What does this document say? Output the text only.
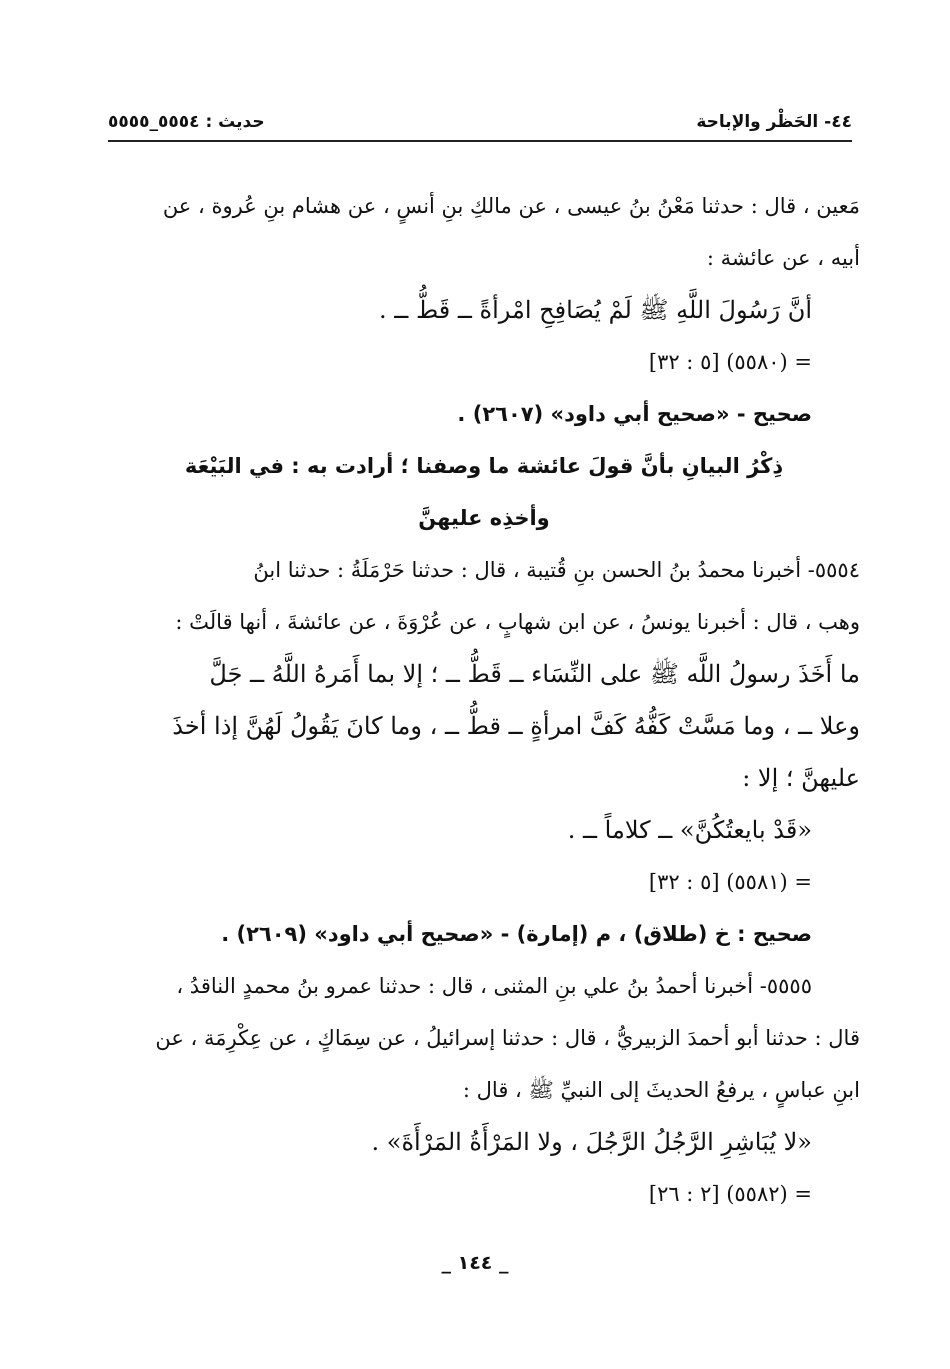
٤٤- الحَظْر والإباحة
حديث : ٥٥٥٤_٥٥٥٥
مَعين ، قال : حدثنا مَعْنُ بنُ عيسى ، عن مالكِ بنِ أنسٍ ، عن هشام بنِ عُروة ، عن
أبيه ، عن عائشة :
أنَّ رَسُولَ اللَّهِ ﷺ لَمْ يُصَافِحِ امْرأةً ــ قَطُّ ــ .
= (٥٥٨٠) [٥ : ٣٢]
صحيح - «صحيح أبي داود» (٢٦٠٧) .
ذِكْرُ البيانِ بأنَّ قولَ عائشة ما وصفنا ؛ أرادت به : في البَيْعَة
وأخذِه عليهنَّ
٥٥٥٤- أخبرنا محمدُ بنُ الحسن بنِ قُتيبة ، قال : حدثنا حَرْمَلَةُ : حدثنا ابنُ
وهب ، قال : أخبرنا يونسُ ، عن ابن شهابٍ ، عن عُرْوَةَ ، عن عائشةَ ، أنها قالَتْ :
ما أَخَذَ رسولُ اللَّه ﷺ على النِّسَاء ــ قَطُّ ــ ؛ إلا بما أَمَرهُ اللَّهُ ــ جَلَّ
وعلا ــ ، وما مَسَّتْ كَفُّهُ كَفَّ امرأةٍ ــ قطُّ ــ ، وما كانَ يَقُولُ لَهُنَّ إذا أخذَ
عليهنَّ ؛ إلا :
«قَدْ بايعتُكُنَّ» ــ كلاماً ــ .
= (٥٥٨١) [٥ : ٣٢]
صحيح : خ (طلاق) ، م (إمارة) - «صحيح أبي داود» (٢٦٠٩) .
٥٥٥٥- أخبرنا أحمدُ بنُ علي بنِ المثنى ، قال : حدثنا عمرو بنُ محمدٍ الناقدُ ،
قال : حدثنا أبو أحمدَ الزبيريُّ ، قال : حدثنا إسرائيلُ ، عن سِمَاكٍ ، عن عِكْرِمَة ، عن
ابنِ عباسٍ ، يرفعُ الحديثَ إلى النبيِّ ﷺ ، قال :
«لا يُبَاشِرِ الرَّجُلُ الرَّجُلَ ، ولا المَرْأَةُ المَرْأَةَ» .
= (٥٥٨٢) [٢ : ٢٦]
_ ١٤٤ _
